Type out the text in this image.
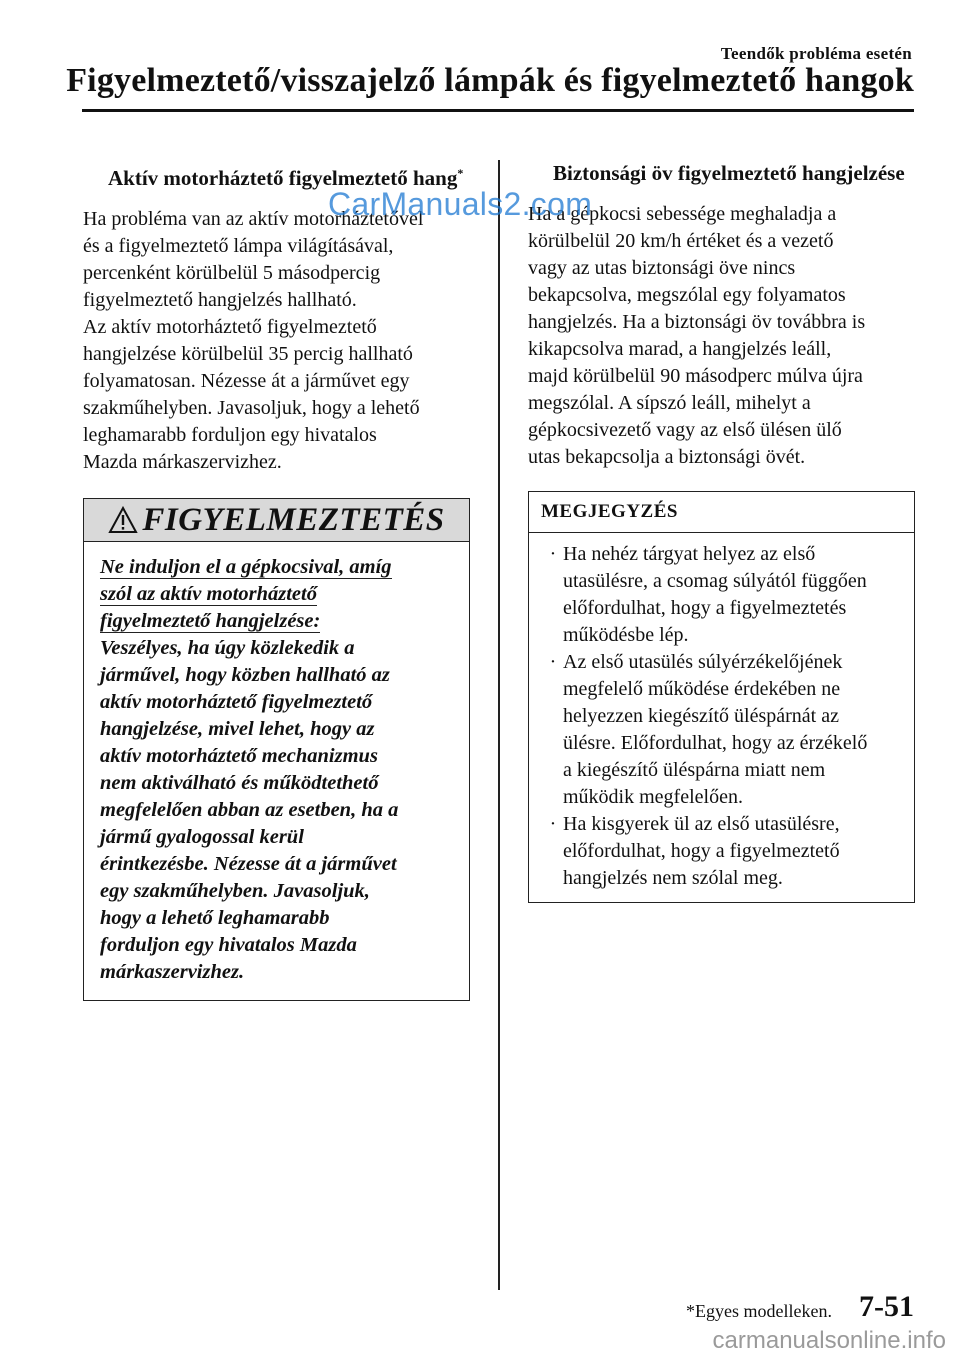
Teendők probléma esetén
Figyelmeztető/visszajelző lámpák és figyelmeztető hangok
Aktív motorháztető figyelmeztető hang*

Ha probléma van az aktív motorháztetővel
és a figyelmeztető lámpa világításával,
percenként körülbelül 5 másodpercig
figyelmeztető hangjelzés hallható.
Az aktív motorháztető figyelmeztető
hangjelzése körülbelül 35 percig hallható
folyamatosan. Nézesse át a járművet egy
szakműhelyben. Javasoljuk, hogy a lehető
leghamarabb forduljon egy hivatalos
Mazda márkaszervizhez.

FIGYELMEZTETÉS

Ne induljon el a gépkocsival, amíg

szól az aktív motorháztető

figyelmeztető hangjelzése:

Veszélyes, ha úgy közlekedik a

járművel, hogy közben hallható az

aktív motorháztető figyelmeztető

hangjelzése, mivel lehet, hogy az

aktív motorháztető mechanizmus

nem aktiválható és működtethető

megfelelően abban az esetben, ha a

jármű gyalogossal kerül

érintkezésbe. Nézesse át a járművet

egy szakműhelyben. Javasoljuk,

hogy a lehető leghamarabb

forduljon egy hivatalos Mazda

márkaszervizhez.

Biztonsági öv figyelmeztető hangjelzése

Ha a gépkocsi sebessége meghaladja a
körülbelül 20 km/h értéket és a vezető
vagy az utas biztonsági öve nincs
bekapcsolva, megszólal egy folyamatos
hangjelzés. Ha a biztonsági öv továbbra is
kikapcsolva marad, a hangjelzés leáll,
majd körülbelül 90 másodperc múlva újra
megszólal. A sípszó leáll, mihelyt a
gépkocsivezető vagy az első ülésen ülő
utas bekapcsolja a biztonsági övét.

MEGJEGYZÉS
· Ha nehéz tárgyat helyez az első
utasülésre, a csomag súlyától függően
előfordulhat, hogy a figyelmeztetés
működésbe lép.
· Az első utasülés súlyérzékelőjének
megfelelő működése érdekében ne
helyezzen kiegészítő üléspárnát az
ülésre. Előfordulhat, hogy az érzékelő
a kiegészítő üléspárna miatt nem
működik megfelelően.
· Ha kisgyerek ül az első utasülésre,
előfordulhat, hogy a figyelmeztető
hangjelzés nem szólal meg.
CarManuals2.com
*Egyes modelleken. 7-51
carmanualsonline.info
